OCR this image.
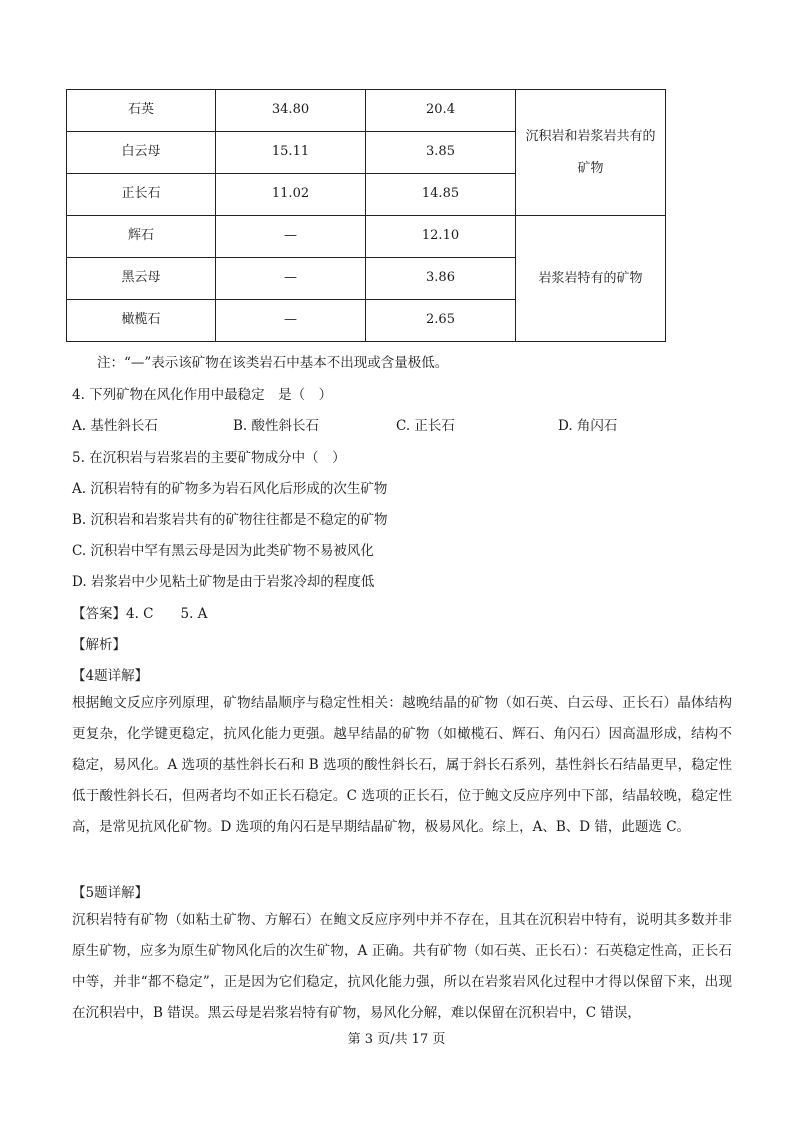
石英	34.80	20.4	沉积岩和岩浆岩共有的矿物
白云母	15.11	3.85	
正长石	11.02	14.85	
辉石	—	12.10	岩浆岩特有的矿物
黑云母	—	3.86	
橄榄石	—	2.65	
注：“—”表示该矿物在该类岩石中基本不出现或含量极低。
4. 下列矿物在风化作用中最稳定　是（　）
A. 基性斜长石	B. 酸性斜长石	C. 正长石	D. 角闪石
5. 在沉积岩与岩浆岩的主要矿物成分中（　）
A. 沉积岩特有的矿物多为岩石风化后形成的次生矿物
B. 沉积岩和岩浆岩共有的矿物往往都是不稳定的矿物
C. 沉积岩中罕有黑云母是因为此类矿物不易被风化
D. 岩浆岩中少见粘土矿物是由于岩浆冷却的程度低
【答案】4. C　　5. A
【解析】
【4题详解】

根据鲍文反应序列原理，矿物结晶顺序与稳定性相关：越晚结晶的矿物（如石英、白云母、正长石）晶体结构更复杂，化学键更稳定，抗风化能力更强。越早结晶的矿物（如橄榄石、辉石、角闪石）因高温形成，结构不稳定，易风化。A 选项的基性斜长石和 B 选项的酸性斜长石，属于斜长石系列，基性斜长石结晶更早，稳定性低于酸性斜长石，但两者均不如正长石稳定。C 选项的正长石，位于鲍文反应序列中下部，结晶较晚，稳定性高，是常见抗风化矿物。D 选项的角闪石是早期结晶矿物，极易风化。综上，A、B、D 错，此题选 C。

【5题详解】

沉积岩特有矿物（如粘土矿物、方解石）在鲍文反应序列中并不存在，且其在沉积岩中特有，说明其多数并非原生矿物，应多为原生矿物风化后的次生矿物，A 正确。共有矿物（如石英、正长石）：石英稳定性高，正长石中等，并非“都不稳定”，正是因为它们稳定，抗风化能力强，所以在岩浆岩风化过程中才得以保留下来，出现在沉积岩中，B 错误。黑云母是岩浆岩特有矿物，易风化分解，难以保留在沉积岩中，C 错误，

第 3 页/共 17 页
